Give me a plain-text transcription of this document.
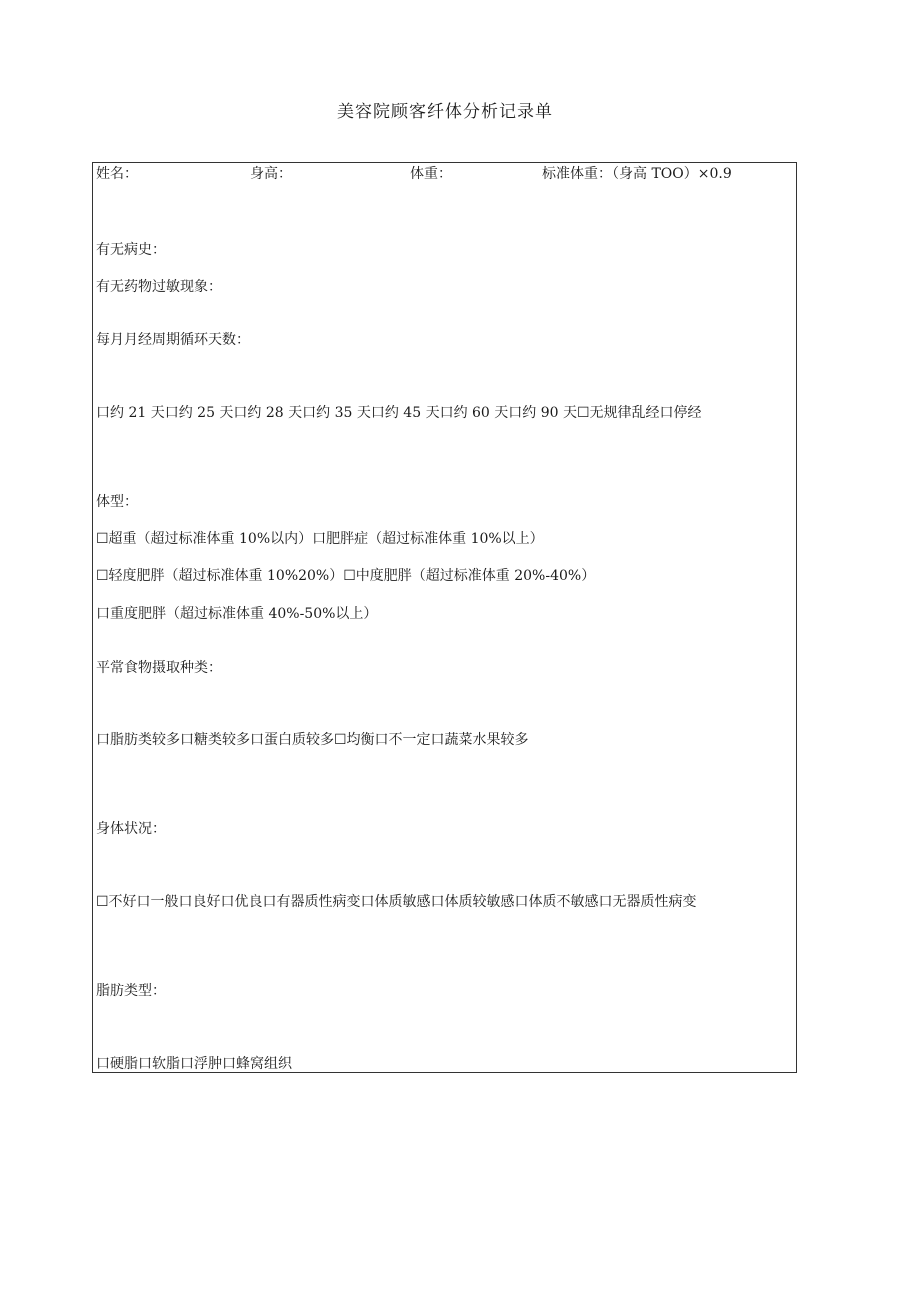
美容院顾客纤体分析记录单
姓名：	身高：	体重：	标准体重：（身高 TOO）×0.9
有无病史：
有无药物过敏现象：
每月月经周期循环天数：
口约 21 天口约 25 天口约 28 天口约 35 天口约 45 天口约 60 天口约 90 天☐无规律乱经口停经
体型：
☐超重（超过标准体重 10%以内）口肥胖症（超过标准体重 10%以上）
☐轻度肥胖（超过标准体重 10%20%）☐中度肥胖（超过标准体重 20%-40%）
口重度肥胖（超过标准体重 40%-50%以上）
平常食物摄取种类：
口脂肪类较多口糖类较多口蛋白质较多☐均衡口不一定口蔬菜水果较多
身体状况：
☐不好口一般口良好口优良口有器质性病变口体质敏感口体质较敏感口体质不敏感口无器质性病变
脂肪类型：
口硬脂口软脂口浮肿口蜂窝组织
